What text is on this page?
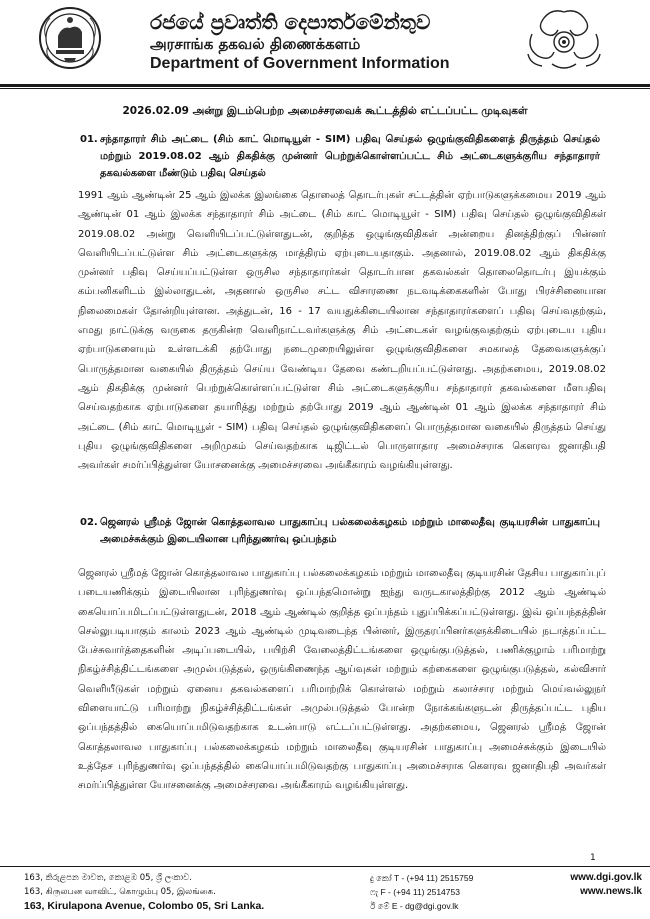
රජයේ ප්‍රවෘත්ති දෙපාර්තමේන්තුව
அரசாங்க தகவல் திணைக்களம்
Department of Government Information
2026.02.09 அன்று இடம்பெற்ற அமைச்சரவைக் கூட்டத்தில் எட்டப்பட்ட முடிவுகள்
01. சந்தாதாரர் சிம் அட்டை (சிம் காட் மொடியூள் - SIM) பதிவு செய்தல் ஒழுங்குவிதிகளைத் திருத்தம் செய்தல் மற்றும் 2019.08.02 ஆம் திகதிக்கு முன்னர் பெற்றுக்கொள்ளப்பட்ட சிம் அட்டைகளுக்குரிய சந்தாதாரர் தகவல்களை மீண்டும் பதிவு செய்தல்
1991 ஆம் ஆண்டின் 25 ஆம் இலக்க இலங்கை தொலைத் தொடர்புகள் சட்டத்தின் ஏற்பாடுகளுக்கமைய 2019 ஆம் ஆண்டின் 01 ஆம் இலக்க சந்தாதாரர் சிம் அட்டை (சிம் காட் மொடியூள் - SIM) பதிவு செய்தல் ஒழுங்குவிதிகள் 2019.08.02 அன்று வெளியிடப்பட்டுள்ளதுடன், குறித்த ஒழுங்குவிதிகள் அன்றைய தினத்திற்குப் பின்னர் வெளியிடப்பட்டுள்ள சிம் அட்டைகளுக்கு மாத்திரம் ஏற்புடையதாகும். அதனால், 2019.08.02 ஆம் திகதிக்கு முன்னர் பதிவு செய்யப்பட்டுள்ள ஒருசில சந்தாதாரர்கள் தொடர்பான தகவல்கள் தொலைதொடர்பு இயக்கும் கம்பனிகளிடம் இல்லாதுடன், அதனால் ஒருசில சட்ட விசாரணை நடவடிக்கைகளின் போது பிரச்சினையான நிலைமைகள் தோன்றியுள்ளன. அத்துடன், 16 - 17 வயதுக்கிடையிலான சந்தாதாரர்களைப் பதிவு செய்வதற்கும், எமது நாட்டுக்கு வருகை தருகின்ற வெளிநாட்டவர்களுக்கு சிம் அட்டைகள் வழங்குவதற்கும் ஏற்புடைய புதிய ஏற்பாடுகளையும் உள்ளடக்கி தற்போது நடைமுறையிலுள்ள ஒழுங்குவிதிகளை சமகாலத் தேவைகளுக்குப் பொருத்தமான வகையில் திருத்தம் செய்ய வேண்டிய தேவை கண்டறியப்பட்டுள்ளது. அதற்கமைய, 2019.08.02 ஆம் திகதிக்கு முன்னர் பெற்றுக்கொள்ளப்பட்டுள்ள சிம் அட்டைகளுக்குரிய சந்தாதாரர் தகவல்களை மீளபதிவு செய்வதற்காக ஏற்பாடுகளை தயாரித்து மற்றும் தற்போது 2019 ஆம் ஆண்டின் 01 ஆம் இலக்க சந்தாதாரர் சிம் அட்டை (சிம் காட் மொடியூள் - SIM) பதிவு செய்தல் ஒழுங்குவிதிகளைப் பொருத்தமான வகையில் திருத்தம் செய்து புதிய ஒழுங்குவிதிகளை அறிமுகம் செய்வதற்காக டிஜிட்டல் பொருளாதார அமைச்சராக கௌரவ ஜனாதிபதி அவர்கள் சமர்ப்பித்துள்ள யோசனைக்கு அமைச்சரவை அங்கீகாரம் வழங்கியுள்ளது.
02. ஜெனரல் ஸ்ரீமத் ஜோன் கொத்தலாவல பாதுகாப்பு பல்கலைக்கழகம் மற்றும் மாலைதீவு குடியரசின் பாதுகாப்பு அமைச்சுக்கும் இடையிலான புரிந்துணர்வு ஒப்பந்தம்
ஜெனரல் ஸ்ரீமத் ஜோன் கொத்தலாவல பாதுகாப்பு பல்கலைக்கழகம் மற்றும் மாலைதீவு குடியரசின் தேசிய பாதுகாப்புப் படையணிக்கும் இடையிலான புரிந்துணர்வு ஒப்பந்தமொன்று ஐந்து வருடகாலத்திற்கு 2012 ஆம் ஆண்டில் கையொப்பமிடப்பட்டுள்ளதுடன், 2018 ஆம் ஆண்டில் குறித்த ஒப்பந்தம் புதுப்பிக்கப்பட்டுள்ளது. இவ் ஒப்பந்தத்தின் செல்லுபடியாகும் காலம் 2023 ஆம் ஆண்டில் முடிவடைந்த பின்னர், இருதரப்பினர்களுக்கிடையில் நடாத்தப்பட்ட பேச்சுவார்த்தைகளின் அடிப்படையில், பயிற்சி வேலைத்திட்டங்களை ஒழுங்குபடுத்தல், பணிக்குழாம் பரிமாற்று நிகழ்ச்சித்திட்டங்களை அமுல்படுத்தல், ஒருங்கிணைந்த ஆய்வுகள் மற்றும் கற்கைகளை ஒழுங்குபடுத்தல், கல்விசார் வெளியீடுகள் மற்றும் ஏனைய தகவல்களைப் பரிமாற்றிக் கொள்ளல் மற்றும் கலாச்சார மற்றும் மெய்வல்லுநர் விளையாட்டு பரிமாற்று நிகழ்ச்சித்திட்டங்கள் அமுல்படுத்தல் போன்ற நோக்கங்களுடன் திருத்தப்பட்ட புதிய ஒப்பந்தத்தில் கையொப்பமிடுவதற்காக உடன்பாடு எட்டப்பட்டுள்ளது. அதற்கமைய, ஜெனரல் ஸ்ரீமத் ஜோன் கொத்தலாவல பாதுகாப்பு பல்கலைக்கழகம் மற்றும் மாலைதீவு குடியரசின் பாதுகாப்பு அமைச்சுக்கும் இடையில் உத்தேச புரிந்துணர்வு ஒப்பந்தத்தில் கையொப்பமிடுவதற்கு பாதுகாப்பு அமைச்சராக கௌரவ ஜனாதிபதி அவர்கள் சமர்ப்பித்துள்ள யோசனைக்கு அமைச்சரவை அங்கீகாரம் வழங்கியுள்ளது.
1
163, කිරුළපන මාවත, කොළඹ 05, ශ්‍රී ලංකාව.
163, கிருலபன வாவிட், கொழும்பு 05, இலங்கை.
163, Kirulapona Avenue, Colombo 05, Sri Lanka.
දු කෝ T - (+94 11) 2515759
ෆැ F - (+94 11) 2514753
ඊ මේ E - dg@dgi.gov.lk
www.dgi.gov.lk
www.news.lk
